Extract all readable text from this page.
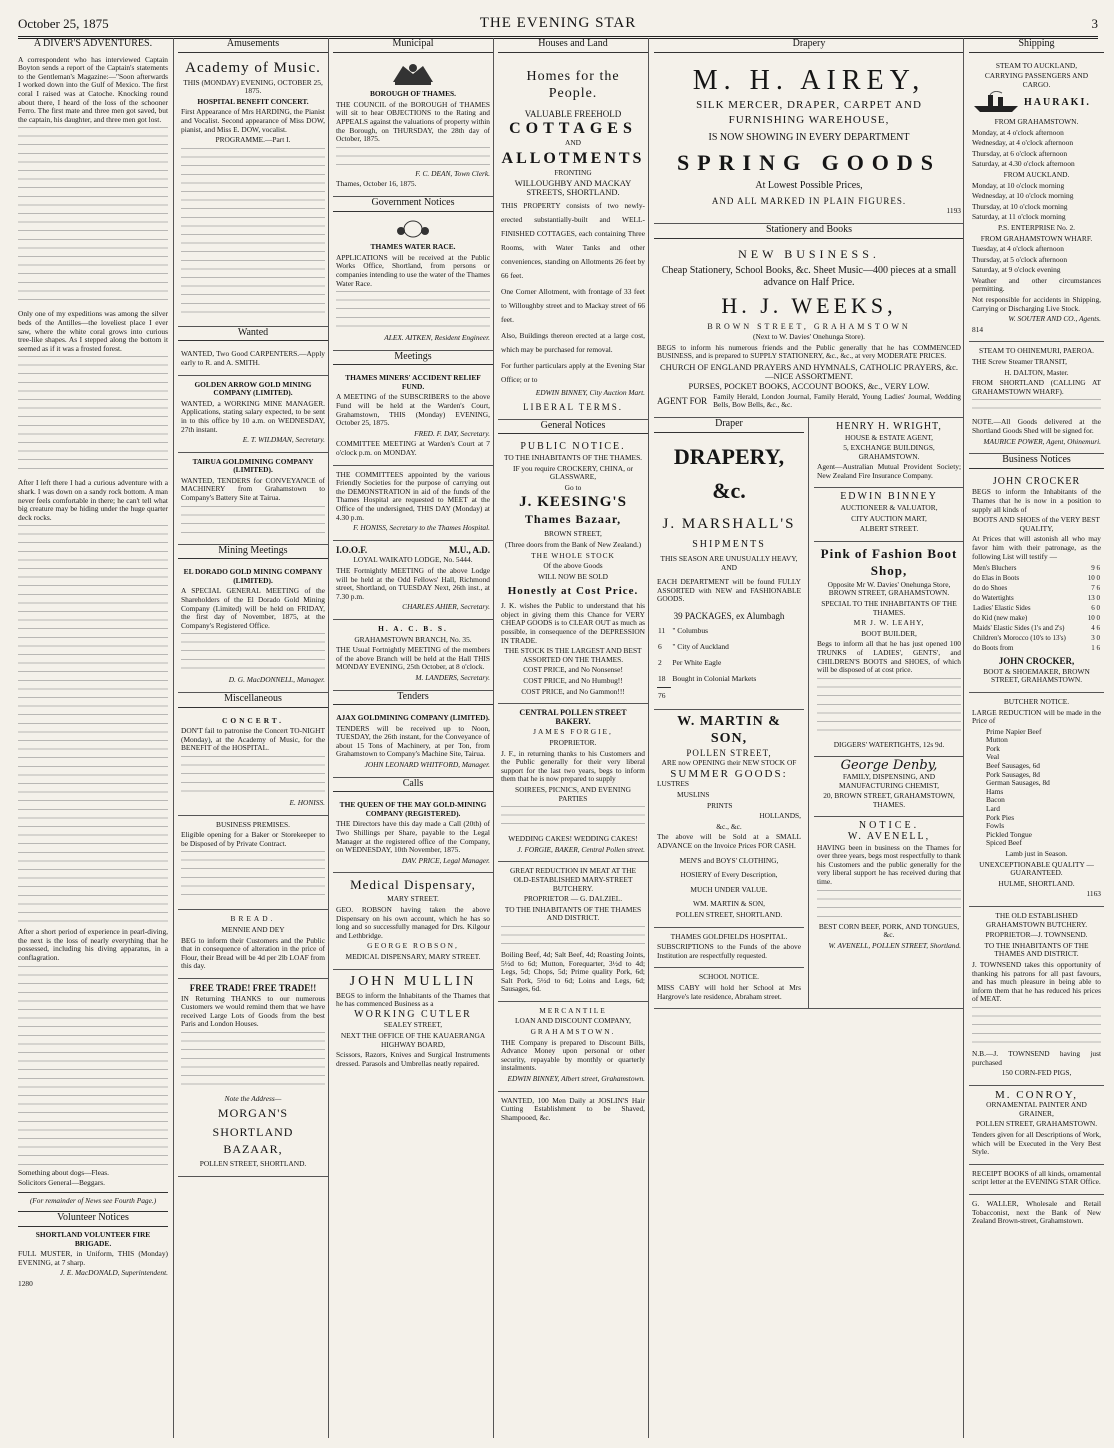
October 25, 1875	THE EVENING STAR	3
A DIVER'S ADVENTURES.

A correspondent who has interviewed Captain Boyton sends a report of the Captain's statements to the Gentleman's Magazine:—"Soon afterwards I worked down into the Gulf of Mexico. The first coral I raised was at Catoche. Knocking round about there, I heard of the loss of the schooner Ferro. The first mate and three men got saved, but the captain, his daughter, and three men got lost.

Only one of my expeditions was among the silver beds of the Antilles—the loveliest place I ever saw, where the white coral grows into curious tree-like shapes. As I stepped along the bottom it seemed as if it was a frosted forest.

After I left there I had a curious adventure with a shark. I was down on a sandy rock bottom. A man never feels comfortable in there; he can't tell what big creature may be hiding under the huge quarter deck rocks.

After a short period of experience in pearl-diving, the next is the loss of nearly everything that he possessed, including his diving apparatus, in a conflagration.

Something about dogs—Fleas.

Solicitors General—Beggars.

(For remainder of News see Fourth Page.)

Volunteer Notices

SHORTLAND VOLUNTEER FIRE BRIGADE.

FULL MUSTER, in Uniform, THIS (Monday) EVENING, at 7 sharp.

J. E. MacDONALD, Superintendent.

1280

Amusements
Academy of Music.

THIS (MONDAY) EVENING, OCTOBER 25, 1875.

HOSPITAL BENEFIT CONCERT.

First Appearance of Mrs HARDING, the Pianist and Vocalist. Second appearance of Miss DOW, pianist, and Miss E. DOW, vocalist.

PROGRAMME.—Part I.

Wanted

WANTED, Two Good CARPENTERS.—Apply early to R. and A. SMITH.

GOLDEN ARROW GOLD MINING COMPANY (LIMITED).

WANTED, a WORKING MINE MANAGER. Applications, stating salary expected, to be sent in to this office by 10 a.m. on WEDNESDAY, 27th instant.

E. T. WILDMAN, Secretary.

TAIRUA GOLDMINING COMPANY (LIMITED).

WANTED, TENDERS for CONVEYANCE of MACHINERY from Grahamstown to Company's Battery Site at Tairua.

Mining Meetings

EL DORADO GOLD MINING COMPANY (LIMITED).

A SPECIAL GENERAL MEETING of the Shareholders of the El Dorado Gold Mining Company (Limited) will be held on FRIDAY, the first day of November, 1875, at the Company's Registered Office.

D. G. MacDONNELL, Manager.

Miscellaneous

CONCERT.

DON'T fail to patronise the Concert TO-NIGHT (Monday), at the Academy of Music, for the BENEFIT of the HOSPITAL.

E. HONISS.

BUSINESS PREMISES.

Eligible opening for a Baker or Storekeeper to be Disposed of by Private Contract.

BREAD.

MENNIE AND DEY

BEG to inform their Customers and the Public that in consequence of alteration in the price of Flour, their Bread will be 4d per 2lb LOAF from this day.

FREE TRADE! FREE TRADE!!

IN Returning THANKS to our numerous Customers we would remind them that we have received Large Lots of Goods from the best Paris and London Houses.

Note the Address—

MORGAN'S

SHORTLAND BAZAAR,

POLLEN STREET, SHORTLAND.

Municipal

BOROUGH OF THAMES.

THE COUNCIL of the BOROUGH of THAMES will sit to hear OBJECTIONS to the Rating and APPEALS against the valuations of property within the Borough, on THURSDAY, the 28th day of October, 1875.

F. C. DEAN, Town Clerk.

Thames, October 16, 1875.

Government Notices

THAMES WATER RACE.

APPLICATIONS will be received at the Public Works Office, Shortland, from persons or companies intending to use the water of the Thames Water Race.

ALEX. AITKEN, Resident Engineer.

Meetings

THAMES MINERS' ACCIDENT RELIEF FUND.

A MEETING of the SUBSCRIBERS to the above Fund will be held at the Warden's Court, Grahamstown, THIS (Monday) EVENING, October 25, 1875.

FRED. F. DAY, Secretary.

COMMITTEE MEETING at Warden's Court at 7 o'clock p.m. on MONDAY.

THE COMMITTEES appointed by the various Friendly Societies for the purpose of carrying out the DEMONSTRATION in aid of the funds of the Thames Hospital are requested to MEET at the Office of the undersigned, THIS DAY (Monday) at 4.30 p.m.

F. HONISS, Secretary to the Thames Hospital.

I.O.O.F.	M.U., A.D.

LOYAL WAIKATO LODGE, No. 5444.

THE Fortnightly MEETING of the above Lodge will be held at the Odd Fellows' Hall, Richmond street, Shortland, on TUESDAY Next, 26th inst., at 7.30 p.m.

CHARLES AHIER, Secretary.

H. A. C. B. S.

GRAHAMSTOWN BRANCH, No. 35.

THE Usual Fortnightly MEETING of the members of the above Branch will be held at the Hall THIS MONDAY EVENING, 25th October, at 8 o'clock.

M. LANDERS, Secretary.

Tenders

AJAX GOLDMINING COMPANY (LIMITED).

TENDERS will be received up to Noon, TUESDAY, the 26th instant, for the Conveyance of about 15 Tons of Machinery, at per Ton, from Grahamstown to Company's Machine Site, Tairua.

JOHN LEONARD WHITFORD, Manager.

Calls

THE QUEEN OF THE MAY GOLD-MINING COMPANY (REGISTERED).

THE Directors have this day made a Call (20th) of Two Shillings per Share, payable to the Legal Manager at the registered office of the Company, on WEDNESDAY, 10th November, 1875.

DAV. PRICE, Legal Manager.

Medical Dispensary,

MARY STREET.

GEO. ROBSON having taken the above Dispensary on his own account, which he has so long and so successfully managed for Drs. Kilgour and Lethbridge.

GEORGE ROBSON,

MEDICAL DISPENSARY, MARY STREET.

JOHN MULLIN

BEGS to inform the Inhabitants of the Thames that he has commenced Business as a

WORKING CUTLER

SEALEY STREET,

NEXT THE OFFICE OF THE KAUAERANGA HIGHWAY BOARD,

Scissors, Razors, Knives and Surgical Instruments dressed. Parasols and Umbrellas neatly repaired.

Houses and Land
Homes for the People.

VALUABLE FREEHOLD

COTTAGES

AND

ALLOTMENTS

FRONTING

WILLOUGHBY AND MACKAY STREETS, SHORTLAND.

THIS PROPERTY consists of two newly-erected substantially-built and WELL-FINISHED COTTAGES, each containing Three Rooms, with Water Tanks and other conveniences, standing on Allotments 26 feet by 66 feet.

One Corner Allotment, with frontage of 33 feet to Willoughby street and to Mackay street of 66 feet.

Also, Buildings thereon erected at a large cost, which may be purchased for removal.

For further particulars apply at the Evening Star Office; or to

EDWIN BINNEY, City Auction Mart.

LIBERAL TERMS.

General Notices

PUBLIC NOTICE.

TO THE INHABITANTS OF THE THAMES.

IF you require CROCKERY, CHINA, or GLASSWARE,

Go to

J. KEESING'S
Thames Bazaar,

BROWN STREET,

(Three doors from the Bank of New Zealand.)

THE WHOLE STOCK

Of the above Goods

WILL NOW BE SOLD

Honestly at Cost Price.

J. K. wishes the Public to understand that his object in giving them this Chance for VERY CHEAP GOODS is to CLEAR OUT as much as possible, in consequence of the DEPRESSION IN TRADE.

THE STOCK IS THE LARGEST AND BEST ASSORTED ON THE THAMES.

COST PRICE, and No Nonsense!

COST PRICE, and No Humbug!!

COST PRICE, and No Gammon!!!

CENTRAL POLLEN STREET BAKERY.

JAMES FORGIE,

PROPRIETOR.

J. F., in returning thanks to his Customers and the Public generally for their very liberal support for the last two years, begs to inform them that he is now prepared to supply

SOIREES, PICNICS, AND EVENING PARTIES

WEDDING CAKES! WEDDING CAKES!

J. FORGIE, BAKER, Central Pollen street.

GREAT REDUCTION IN MEAT AT THE OLD-ESTABLISHED MARY-STREET BUTCHERY.

PROPRIETOR — G. DALZIEL.

TO THE INHABITANTS OF THE THAMES AND DISTRICT.

Boiling Beef, 4d; Salt Beef, 4d; Roasting Joints, 5½d to 6d; Mutton, Forequarter, 3½d to 4d; Legs, 5d; Chops, 5d; Prime quality Pork, 6d; Salt Pork, 5½d to 6d; Loins and Legs, 6d; Sausages, 6d.

MERCANTILE

LOAN AND DISCOUNT COMPANY,

GRAHAMSTOWN.

THE Company is prepared to Discount Bills, Advance Money upon personal or other security, repayable by monthly or quarterly instalments.

EDWIN BINNEY, Albert street, Grahamstown.

WANTED, 100 Men Daily at JOSLIN'S Hair Cutting Establishment to be Shaved, Shampooed, &c.

Drapery
M. H. AIREY,

SILK MERCER, DRAPER, CARPET AND FURNISHING WAREHOUSE,

IS NOW SHOWING IN EVERY DEPARTMENT

SPRING GOODS

At Lowest Possible Prices,

AND ALL MARKED IN PLAIN FIGURES.

1193

Stationery and Books
NEW BUSINESS.

Cheap Stationery, School Books, &c. Sheet Music—400 pieces at a small advance on Half Price.

H. J. WEEKS,

BROWN STREET, GRAHAMSTOWN

(Next to W. Davies' Onehunga Store).

BEGS to inform his numerous friends and the Public generally that he has COMMENCED BUSINESS, and is prepared to SUPPLY STATIONERY, &c., &c., at very MODERATE PRICES.

CHURCH OF ENGLAND PRAYERS AND HYMNALS, CATHOLIC PRAYERS, &c.—NICE ASSORTMENT.

PURSES, POCKET BOOKS, ACCOUNT BOOKS, &c., VERY LOW.

AGENT FOR Family Herald, London Journal, Family Herald, Young Ladies' Journal, Wedding Bells, Bow Bells, &c., &c.

Draper
DRAPERY, &c.
J. MARSHALL'S

SHIPMENTS

THIS SEASON ARE UNUSUALLY HEAVY, AND

EACH DEPARTMENT will be found FULLY ASSORTED with NEW and FASHIONABLE GOODS.

39 PACKAGES, ex Alumbagh

11	" Columbus
6	" City of Auckland
2	Per White Eagle
18	Bought in Colonial Markets
76	
W. MARTIN & SON,

POLLEN STREET,

ARE now OPENING their NEW STOCK OF

SUMMER GOODS:

LUSTRES

MUSLINS

PRINTS

HOLLANDS,

&c., &c.

The above will be Sold at a SMALL ADVANCE on the Invoice Prices FOR CASH.

MEN'S and BOYS' CLOTHING,

HOSIERY of Every Description,

MUCH UNDER VALUE.

WM. MARTIN & SON,

POLLEN STREET, SHORTLAND.

THAMES GOLDFIELDS HOSPITAL.

SUBSCRIPTIONS to the Funds of the above Institution are respectfully requested.

SCHOOL NOTICE.

MISS CABY will hold her School at Mrs Hargrove's late residence, Abraham street.

HENRY H. WRIGHT,

HOUSE & ESTATE AGENT,

5, EXCHANGE BUILDINGS, GRAHAMSTOWN.

Agent—Australian Mutual Provident Society; New Zealand Fire Insurance Company.

EDWIN BINNEY

AUCTIONEER & VALUATOR,

CITY AUCTION MART,

ALBERT STREET.

Pink of Fashion Boot Shop,

Opposite Mr W. Davies' Onehunga Store, BROWN STREET, GRAHAMSTOWN.

SPECIAL TO THE INHABITANTS OF THE THAMES.

MR J. W. LEAHY,

BOOT BUILDER,

Begs to inform all that he has just opened 100 TRUNKS of LADIES', GENTS', and CHILDREN'S BOOTS and SHOES, of which will be disposed of at cost price.

DIGGERS' WATERTIGHTS, 12s 9d.

George Denby,

FAMILY, DISPENSING, AND MANUFACTURING CHEMIST,

20, BROWN STREET, GRAHAMSTOWN, THAMES.

NOTICE.

W. AVENELL,

HAVING been in business on the Thames for over three years, begs most respectfully to thank his Customers and the public generally for the very liberal support he has received during that time.

BEST CORN BEEF, PORK, AND TONGUES, &c.

W. AVENELL, POLLEN STREET, Shortland.

Shipping

STEAM TO AUCKLAND,

CARRYING PASSENGERS AND CARGO.

HAURAKI.

FROM GRAHAMSTOWN.

Monday, at 4 o'clock afternoon

Wednesday, at 4 o'clock afternoon

Thursday, at 6 o'clock afternoon

Saturday, at 4.30 o'clock afternoon

FROM AUCKLAND.

Monday, at 10 o'clock morning

Wednesday, at 10 o'clock morning

Thursday, at 10 o'clock morning

Saturday, at 11 o'clock morning

P.S. ENTERPRISE No. 2.

FROM GRAHAMSTOWN WHARF.

Tuesday, at 4 o'clock afternoon

Thursday, at 5 o'clock afternoon

Saturday, at 9 o'clock evening

Weather and other circumstances permitting.

Not responsible for accidents in Shipping, Carrying or Discharging Live Stock.

W. SOUTER AND CO., Agents.

814

STEAM TO OHINEMURI, PAEROA.

THE Screw Steamer TRANSIT,

H. DALTON, Master.

FROM SHORTLAND (CALLING AT GRAHAMSTOWN WHARF).

NOTE.—All Goods delivered at the Shortland Goods Shed will be signed for.

MAURICE POWER, Agent, Ohinemuri.

Business Notices

JOHN CROCKER

BEGS to inform the Inhabitants of the Thames that he is now in a position to supply all kinds of

BOOTS AND SHOES of the VERY BEST QUALITY,

At Prices that will astonish all who may favor him with their patronage, as the following List will testify —

Men's Bluchers	9 6
do Elas in Boots	10 0
do do Shoes	7 6
do Watertights	13 0
Ladies' Elastic Sides	6 0
do Kid (new make)	10 0
Maids' Elastic Sides (1's and 2's)	4 6
Children's Morocco (10's to 13's)	3 0
do Boots from	1 6

JOHN CROCKER,

BOOT & SHOEMAKER, BROWN STREET, GRAHAMSTOWN.

BUTCHER NOTICE.

LARGE REDUCTION will be made in the Price of

Prime Napier Beef
Mutton
Pork
Veal
Beef Sausages, 6d
Pork Sausages, 8d
German Sausages, 8d
Hams
Bacon
Lard
Pork Pies
Fowls
Pickled Tongue
Spiced Beef

Lamb just in Season.

UNEXCEPTIONABLE QUALITY — GUARANTEED.

HULME, SHORTLAND.

1163

THE OLD ESTABLISHED GRAHAMSTOWN BUTCHERY.

PROPRIETOR—J. TOWNSEND.

TO THE INHABITANTS OF THE THAMES AND DISTRICT.

J. TOWNSEND takes this opportunity of thanking his patrons for all past favours, and has much pleasure in being able to inform them that he has reduced his prices of MEAT.

N.B.—J. TOWNSEND having just purchased

150 CORN-FED PIGS,

M. CONROY,

ORNAMENTAL PAINTER AND GRAINER,

POLLEN STREET, GRAHAMSTOWN.

Tenders given for all Descriptions of Work, which will be Executed in the Very Best Style.

RECEIPT BOOKS of all kinds, ornamental script letter at the EVENING STAR Office.

G. WALLER, Wholesale and Retail Tobacconist, next the Bank of New Zealand Brown-street, Grahamstown.
